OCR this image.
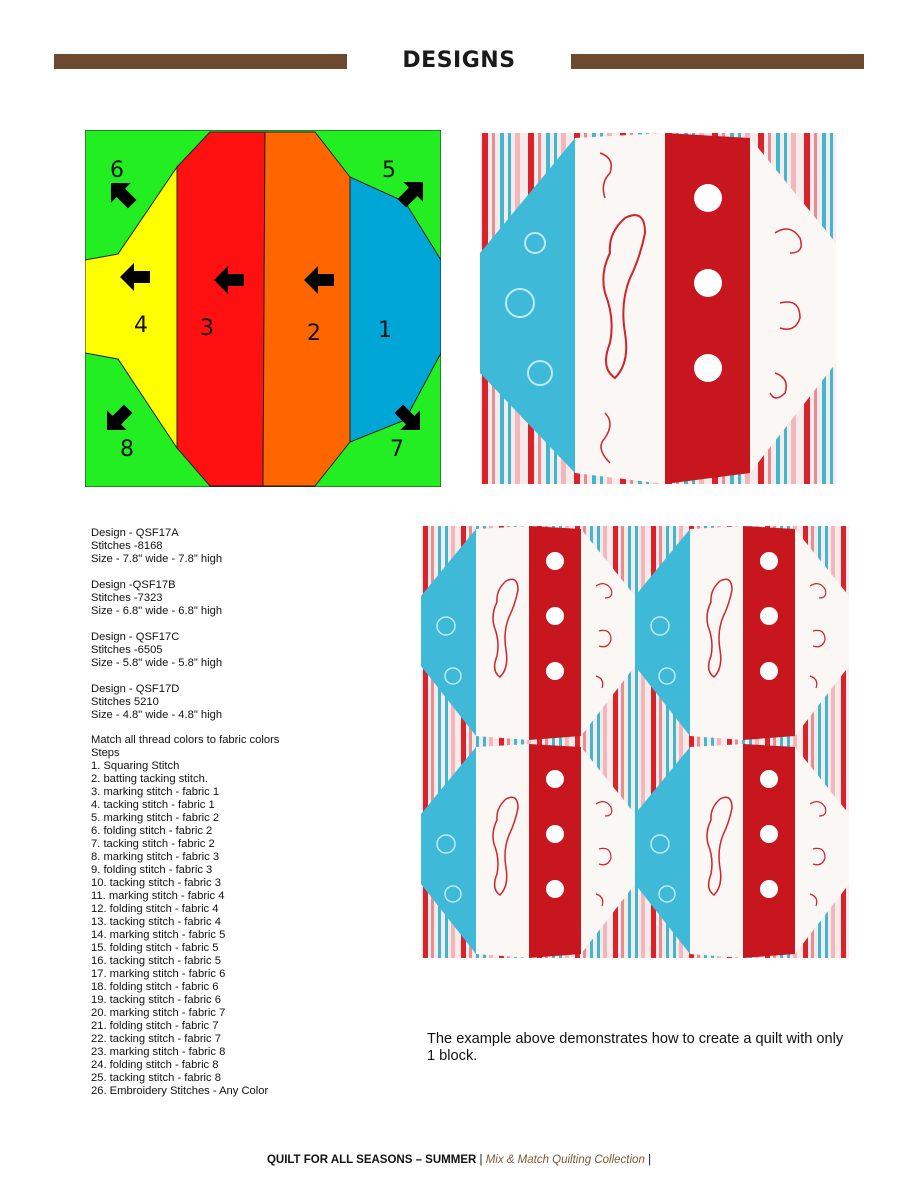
DESIGNS
1
2
3
4
5
6
7
8
Design - QSF17A
Stitches -8168
Size - 7.8" wide - 7.8" high
Design -QSF17B
Stitches -7323
Size - 6.8" wide - 6.8" high
Design - QSF17C
Stitches -6505
Size - 5.8" wide - 5.8" high
Design - QSF17D
Stitches 5210
Size - 4.8" wide - 4.8" high
Match all thread colors to fabric colors
Steps
1. Squaring Stitch
2. batting tacking stitch.
3. marking stitch - fabric 1
4. tacking stitch - fabric 1
5. marking stitch - fabric 2
6. folding stitch - fabric 2
7. tacking stitch - fabric 2
8. marking stitch - fabric 3
9. folding stitch - fabric 3
10. tacking stitch - fabric 3
11. marking stitch - fabric 4
12. folding stitch - fabric 4
13. tacking stitch - fabric 4
14. marking stitch - fabric 5
15. folding stitch - fabric 5
16. tacking stitch - fabric 5
17. marking stitch - fabric 6
18. folding stitch - fabric 6
19. tacking stitch - fabric 6
20. marking stitch - fabric 7
21. folding stitch - fabric 7
22. tacking stitch - fabric 7
23. marking stitch - fabric 8
24. folding stitch - fabric 8
25. tacking stitch - fabric 8
26. Embroidery Stitches - Any Color
The example above demonstrates how to create a quilt with only 1 block.
QUILT FOR ALL SEASONS – SUMMER | Mix & Match Quilting Collection |
